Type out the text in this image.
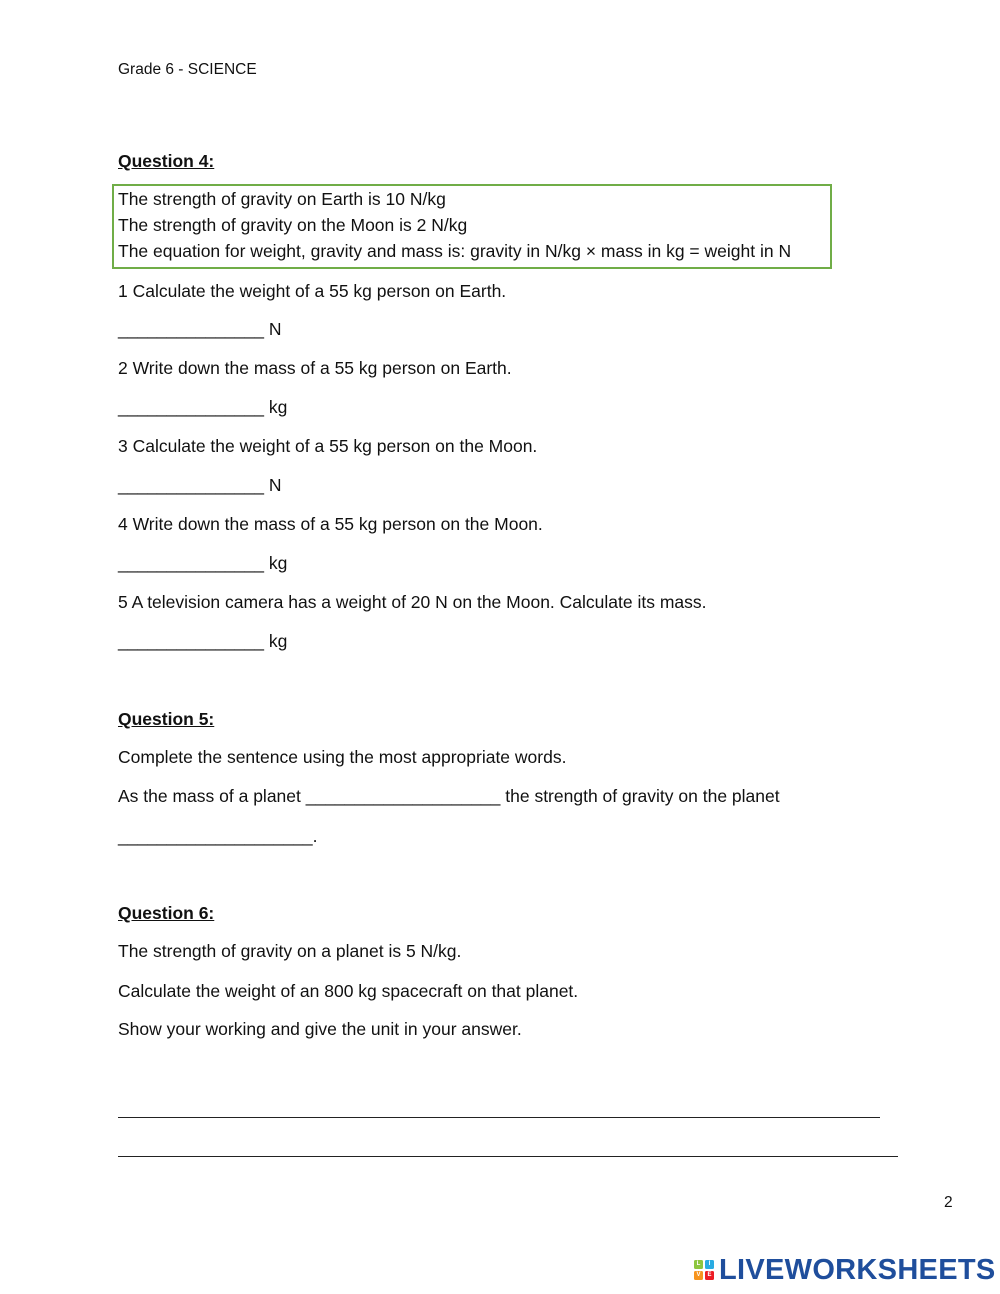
Grade 6 - SCIENCE
Question 4:
The strength of gravity on Earth is 10 N/kg
The strength of gravity on the Moon is 2 N/kg
The equation for weight, gravity and mass is: gravity in N/kg × mass in kg = weight in N
1 Calculate the weight of a 55 kg person on Earth.
_______________ N
2 Write down the mass of a 55 kg person on Earth.
_______________ kg
3 Calculate the weight of a 55 kg person on the Moon.
_______________ N
4 Write down the mass of a 55 kg person on the Moon.
_______________ kg
5 A television camera has a weight of 20 N on the Moon. Calculate its mass.
_______________ kg
Question 5:
Complete the sentence using the most appropriate words.
As the mass of a planet ____________________ the strength of gravity on the planet
____________________.
Question 6:
The strength of gravity on a planet is 5 N/kg.
Calculate the weight of an 800 kg spacecraft on that planet.
Show your working and give the unit in your answer.
2
L	I
V	E LIVEWORKSHEETS
